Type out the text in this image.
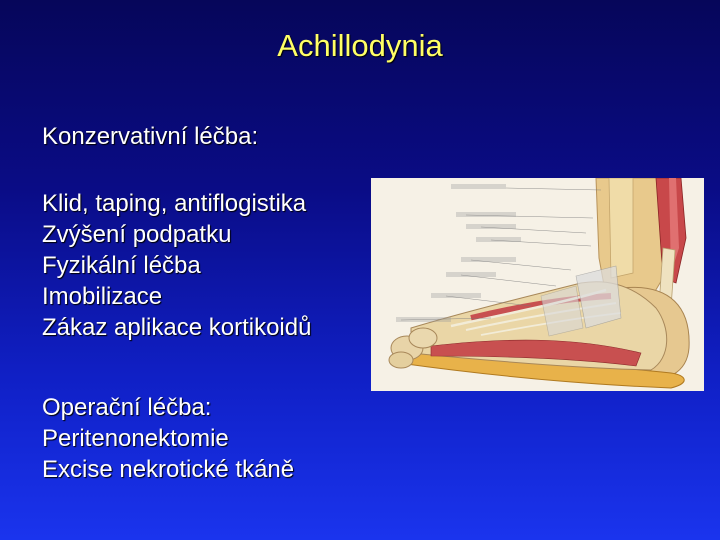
Achillodynia
Konzervativní léčba:
Klid, taping, antiflogistika
Zvýšení podpatku
Fyzikální léčba
Imobilizace
Zákaz aplikace kortikoidů
Operační léčba:
Peritenonektomie
Excise nekrotické tkáně
